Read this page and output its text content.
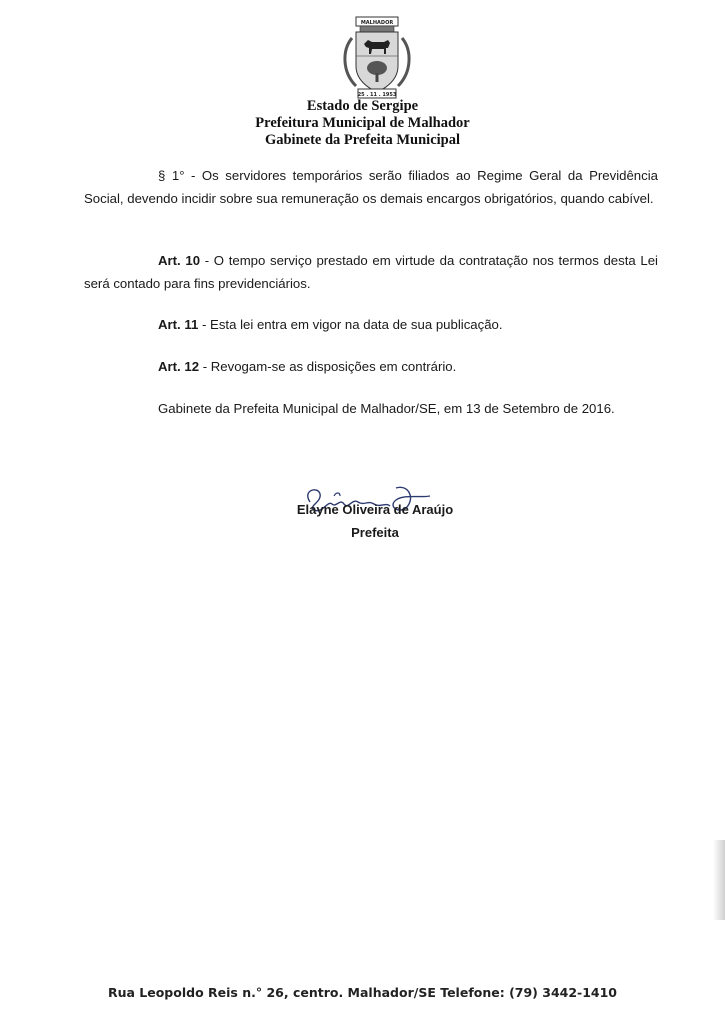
MALHADOR
25 . 11 . 1953
Estado de Sergipe
Prefeitura Municipal de Malhador
Gabinete da Prefeita Municipal

§ 1° - Os servidores temporários serão filiados ao Regime Geral da Previdência Social, devendo incidir sobre sua remuneração os demais encargos obrigatórios, quando cabível.

Art. 10 - O tempo serviço prestado em virtude da contratação nos termos desta Lei será contado para fins previdenciários.

Art. 11 - Esta lei entra em vigor na data de sua publicação.

Art. 12 - Revogam-se as disposições em contrário.

Gabinete da Prefeita Municipal de Malhador/SE, em 13 de Setembro de 2016.

Elayne Oliveira de Araújo
Prefeita
Rua Leopoldo Reis n.° 26, centro. Malhador/SE Telefone: (79) 3442-1410
